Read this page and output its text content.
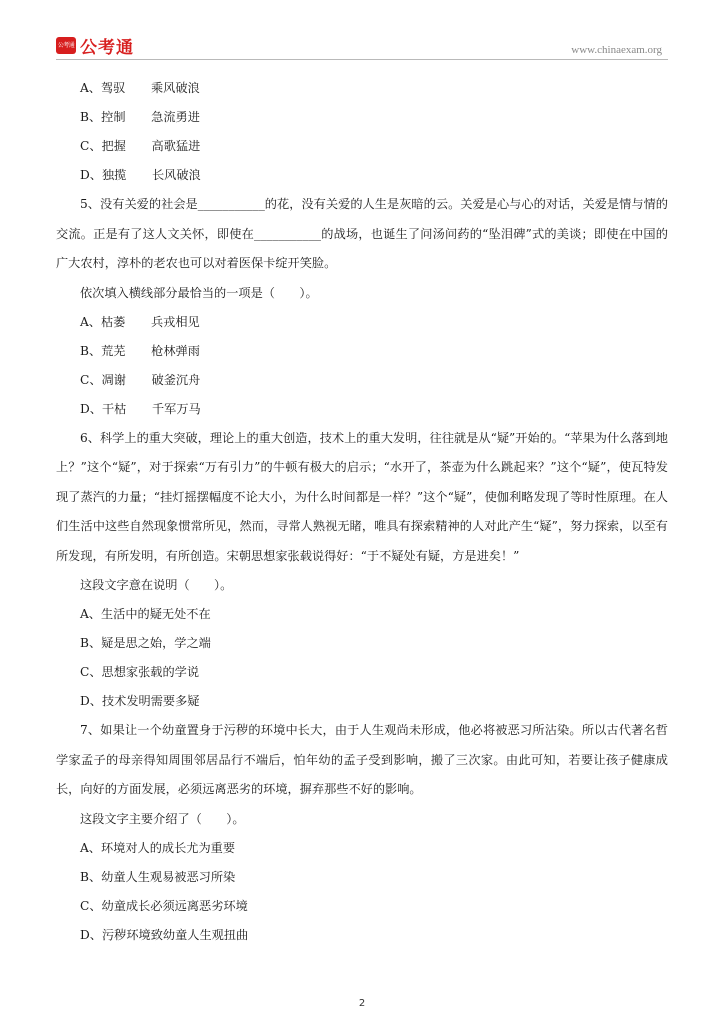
公考通 公考通	www.chinaexam.org
A、驾驭 乘风破浪
B、控制 急流勇进
C、把握 高歌猛进
D、独揽 长风破浪

5、没有关爱的社会是___________的花，没有关爱的人生是灰暗的云。关爱是心与心的对话，关爱是情与情的交流。正是有了这人文关怀，即使在___________的战场，也诞生了问汤问药的“坠泪碑”式的美谈；即使在中国的广大农村，淳朴的老农也可以对着医保卡绽开笑脸。

依次填入横线部分最恰当的一项是（　　）。
A、枯萎 兵戎相见
B、荒芜 枪林弹雨
C、凋谢 破釜沉舟
D、干枯 千军万马

6、科学上的重大突破，理论上的重大创造，技术上的重大发明，往往就是从“疑”开始的。“苹果为什么落到地上？”这个“疑”，对于探索“万有引力”的牛顿有极大的启示；“水开了，茶壶为什么跳起来？”这个“疑”，使瓦特发现了蒸汽的力量；“挂灯摇摆幅度不论大小，为什么时间都是一样？”这个“疑”，使伽利略发现了等时性原理。在人们生活中这些自然现象惯常所见，然而，寻常人熟视无睹，唯具有探索精神的人对此产生“疑”，努力探索，以至有所发现，有所发明，有所创造。宋朝思想家张载说得好：“于不疑处有疑，方是进矣！”

这段文字意在说明（　　）。
A、生活中的疑无处不在
B、疑是思之始，学之端
C、思想家张载的学说
D、技术发明需要多疑

7、如果让一个幼童置身于污秽的环境中长大，由于人生观尚未形成，他必将被恶习所沾染。所以古代著名哲学家孟子的母亲得知周围邻居品行不端后，怕年幼的孟子受到影响，搬了三次家。由此可知，若要让孩子健康成长，向好的方面发展，必须远离恶劣的环境，摒弃那些不好的影响。

这段文字主要介绍了（　　）。
A、环境对人的成长尤为重要
B、幼童人生观易被恶习所染
C、幼童成长必须远离恶劣环境
D、污秽环境致幼童人生观扭曲
2
